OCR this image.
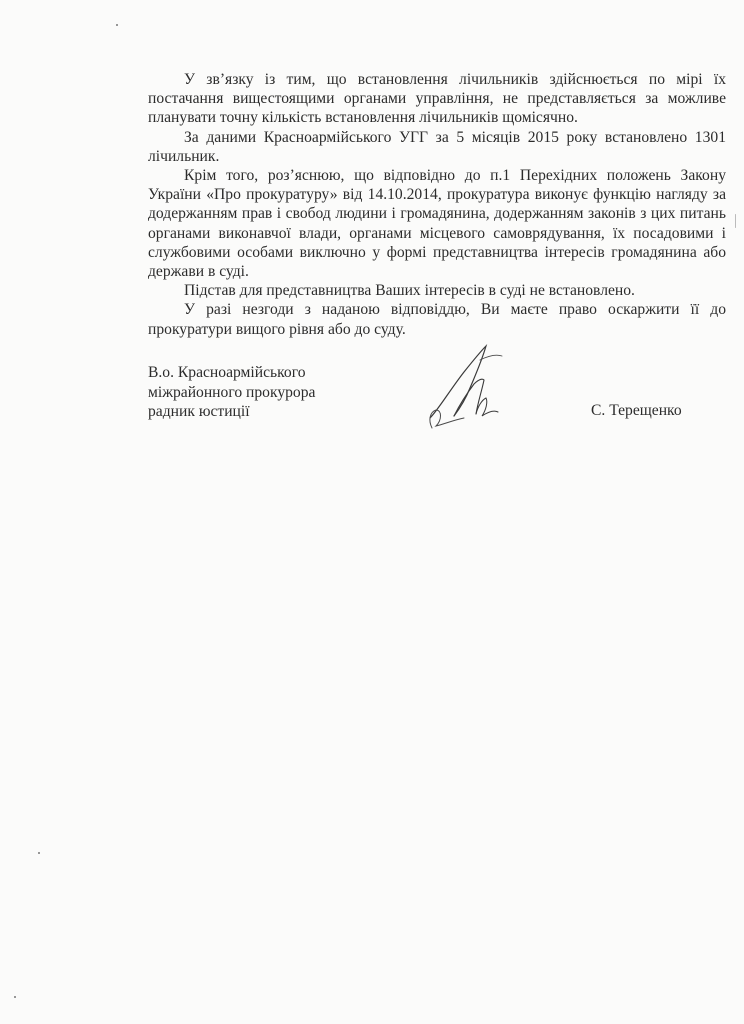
У зв’язку із тим, що встановлення лічильників здійснюється по мірі їх постачання вищестоящими органами управління, не представляється за можливе планувати точну кількість встановлення лічильників щомісячно.

За даними Красноармійського УГГ за 5 місяців 2015 року встановлено 1301 лічильник.

Крім того, роз’яснюю, що відповідно до п.1 Перехідних положень Закону України «Про прокуратуру» від 14.10.2014, прокуратура виконує функцію нагляду за додержанням прав і свобод людини і громадянина, додержанням законів з цих питань органами виконавчої влади, органами місцевого самоврядування, їх посадовими і службовими особами виключно у формі представництва інтересів громадянина або держави в суді.

Підстав для представництва Ваших інтересів в суді не встановлено.

У разі незгоди з наданою відповіддю, Ви маєте право оскаржити її до прокуратури вищого рівня або до суду.

В.о. Красноармійського
міжрайонного прокурора
радник юстиції	С. Терещенко
